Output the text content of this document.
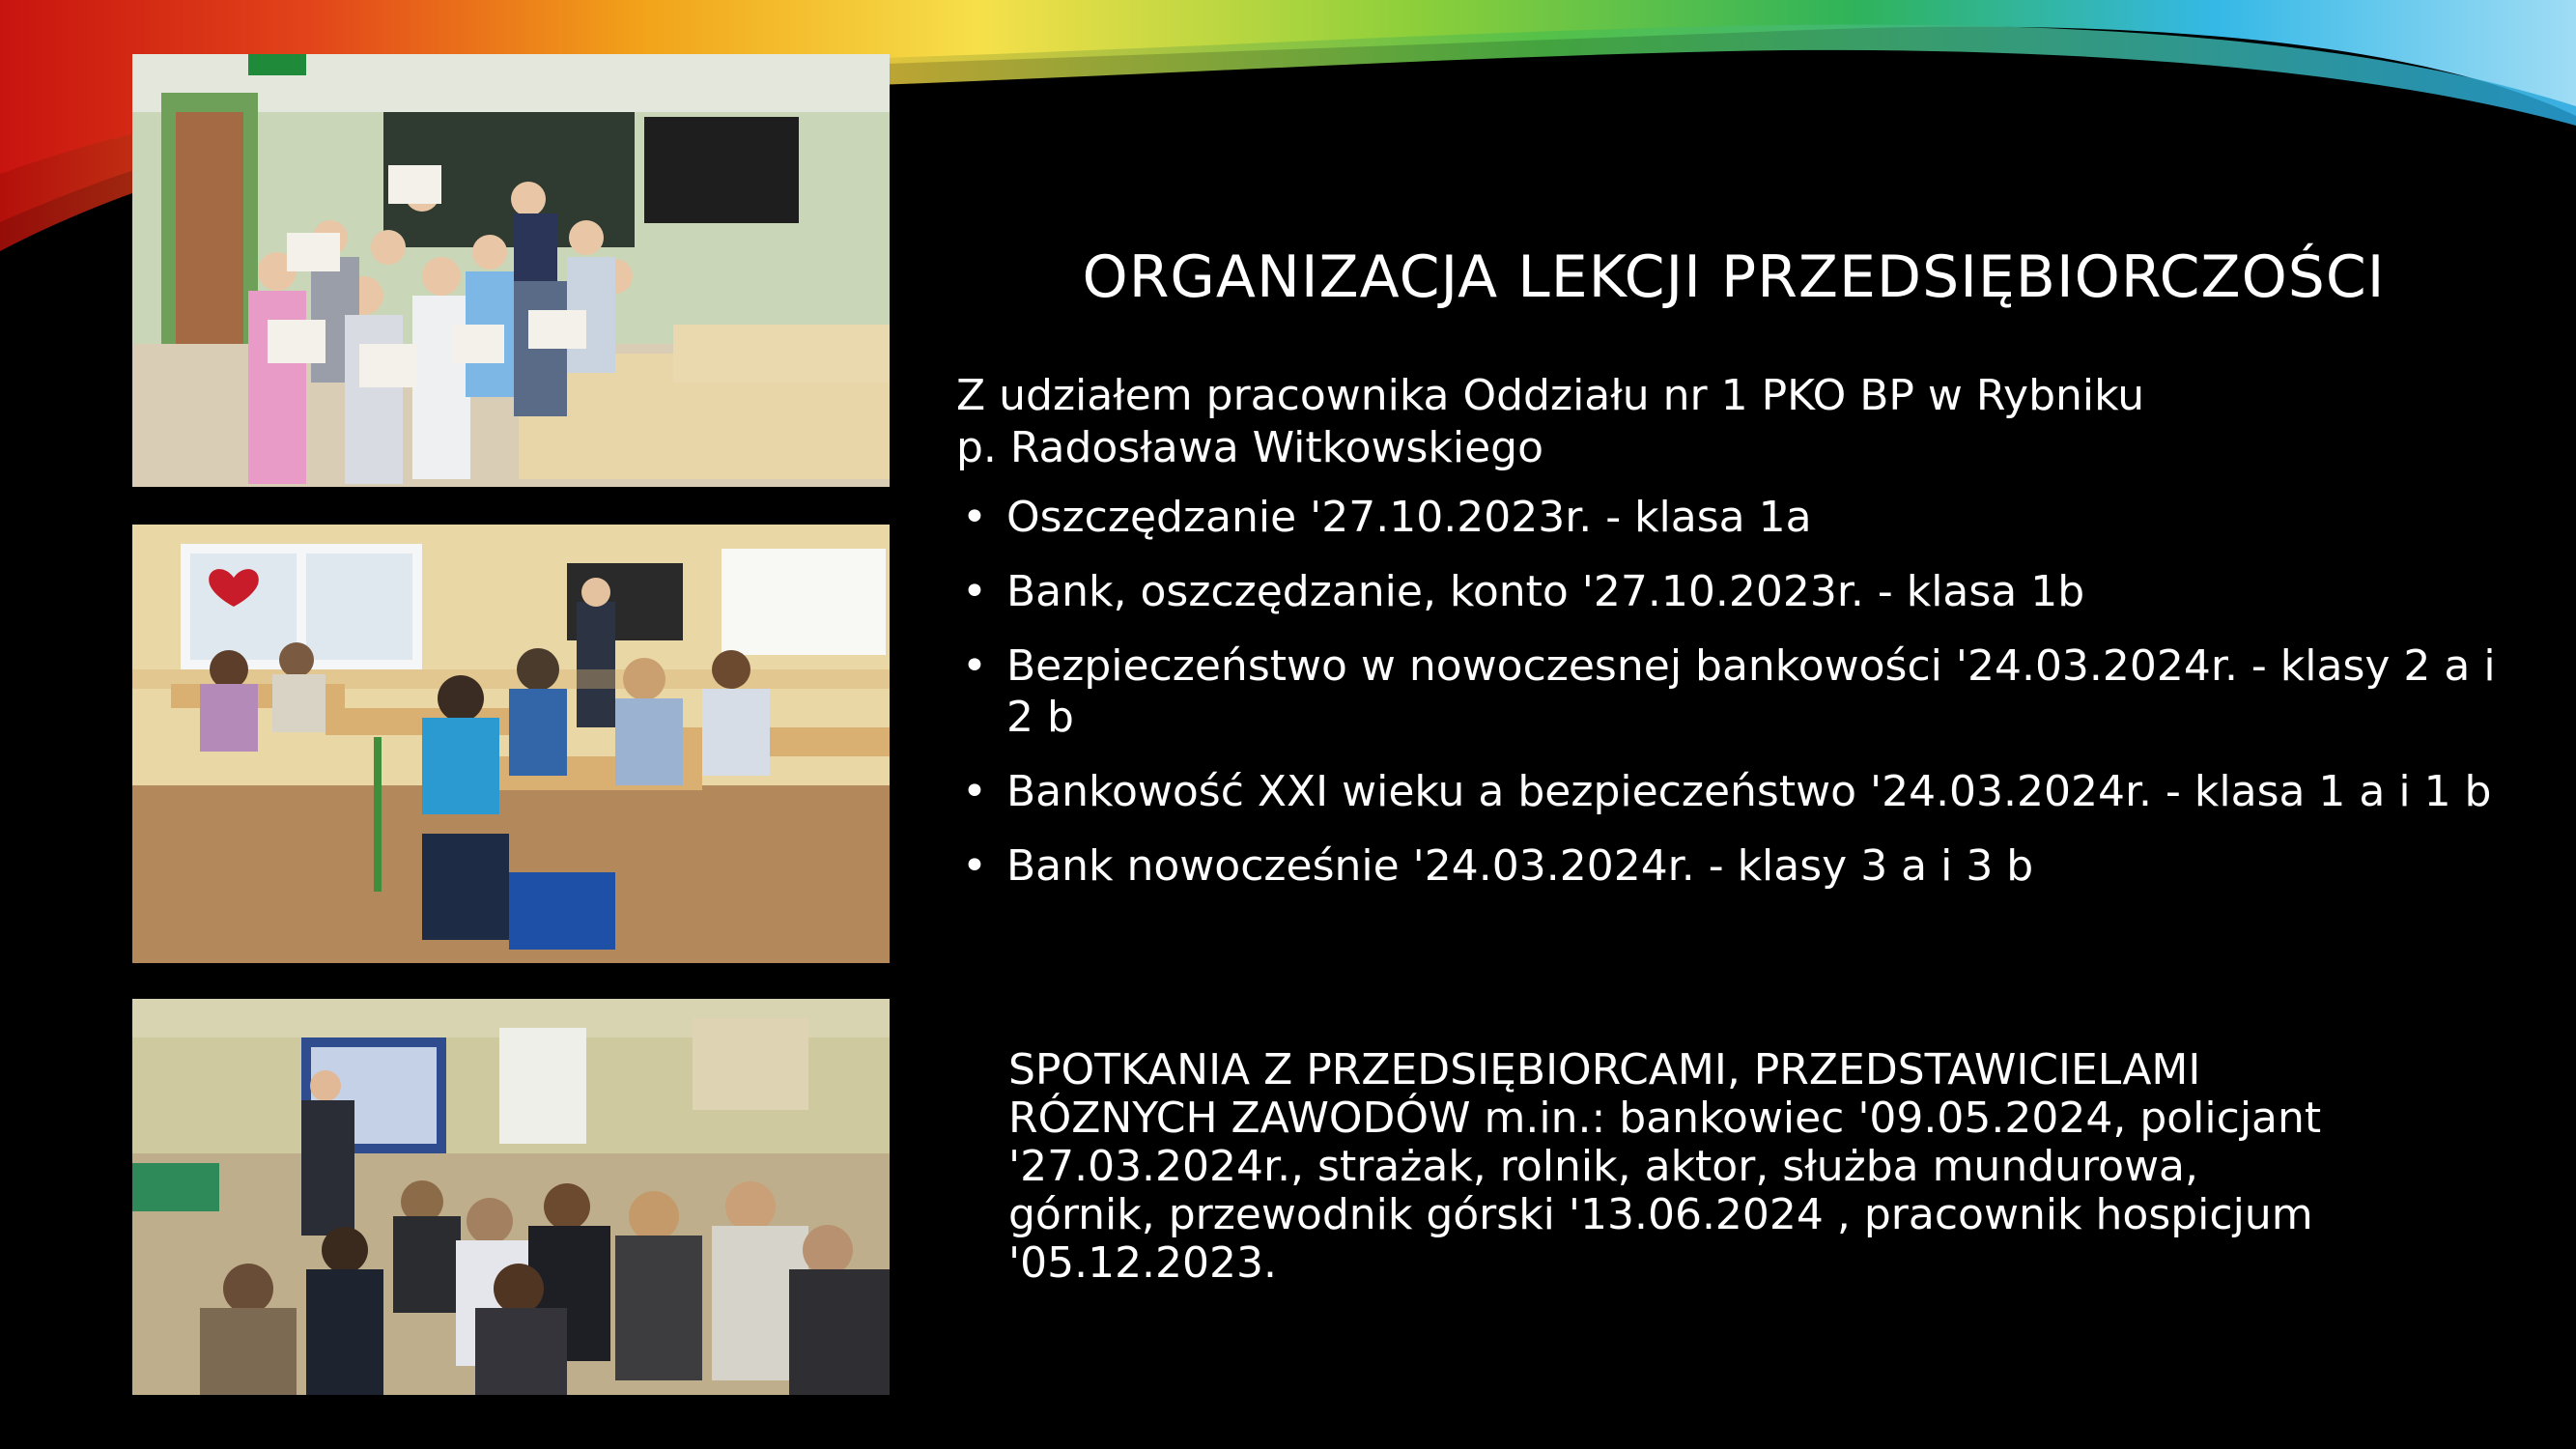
ORGANIZACJA LEKCJI PRZEDSIĘBIORCZOŚCI
Z udziałem pracownika Oddziału nr 1 PKO BP w Rybniku
p. Radosława Witkowskiego
• Oszczędzanie '27.10.2023r. - klasa 1a
• Bank, oszczędzanie, konto '27.10.2023r. - klasa 1b
• Bezpieczeństwo w nowoczesnej bankowości '24.03.2024r. - klasy 2 a i 2 b
• Bankowość XXI wieku a bezpieczeństwo '24.03.2024r. - klasa 1 a i 1 b
• Bank nowocześnie '24.03.2024r. - klasy 3 a i 3 b
SPOTKANIA Z PRZEDSIĘBIORCAMI, PRZEDSTAWICIELAMI
RÓZNYCH ZAWODÓW m.in.: bankowiec '09.05.2024, policjant
'27.03.2024r., strażak, rolnik, aktor, służba mundurowa,
górnik, przewodnik górski '13.06.2024 , pracownik hospicjum
'05.12.2023.
